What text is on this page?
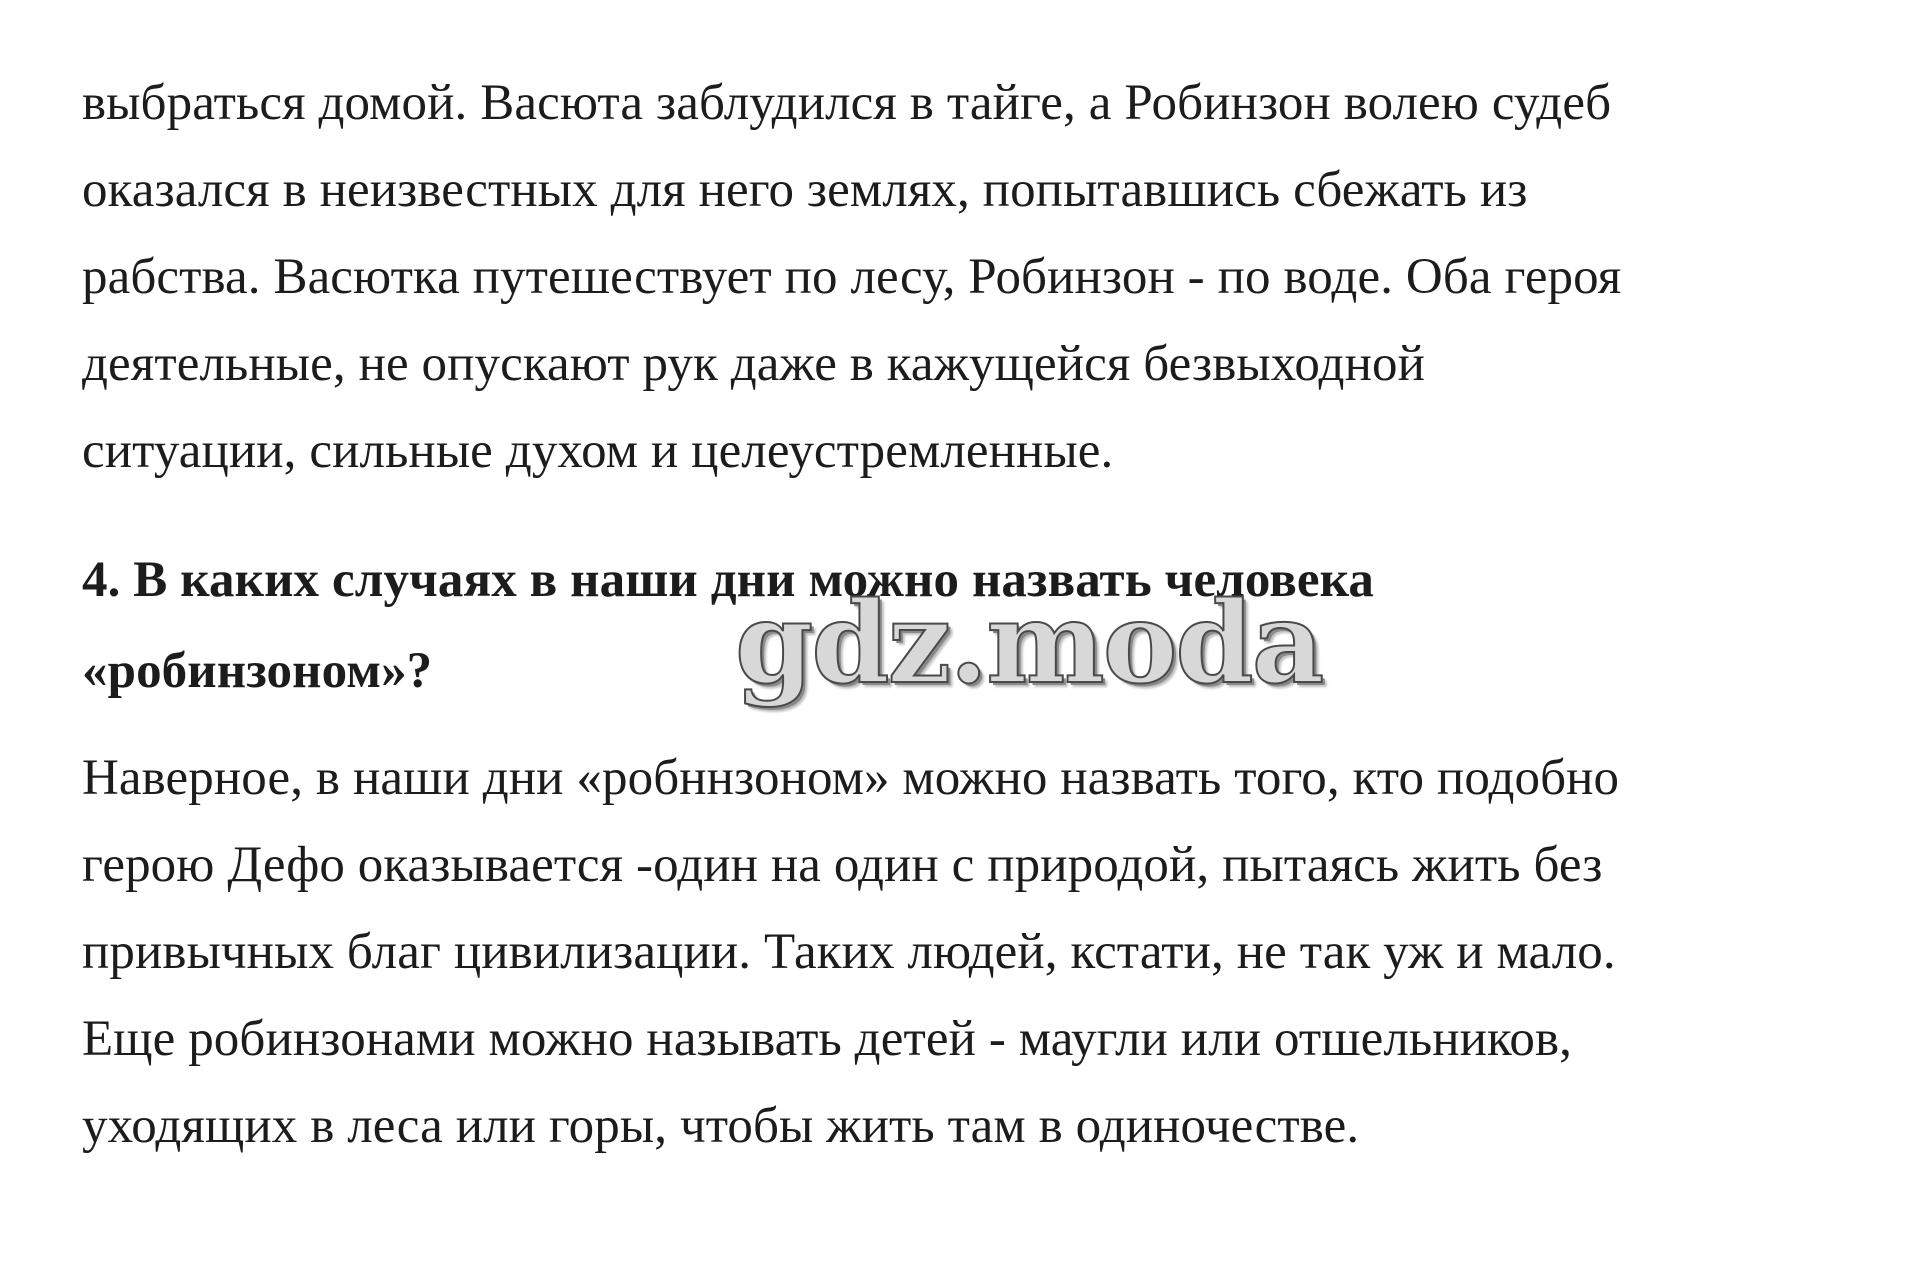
выбраться домой. Васюта заблудился в тайге, а Робинзон волею судеб
оказался в неизвестных для него землях, попытавшись сбежать из
рабства. Васютка путешествует по лесу, Робинзон - по воде. Оба героя
деятельные, не опускают рук даже в кажущейся безвыходной
ситуации, сильные духом и целеустремленные.
4. В каких случаях в наши дни можно назвать человека
«робинзоном»?
Наверное, в наши дни «робннзоном» можно назвать того, кто подобно
герою Дефо оказывается -один на один с природой, пытаясь жить без
привычных благ цивилизации. Таких людей, кстати, не так уж и мало.
Еще робинзонами можно называть детей - маугли или отшельников,
уходящих в леса или горы, чтобы жить там в одиночестве.
gdz.moda
